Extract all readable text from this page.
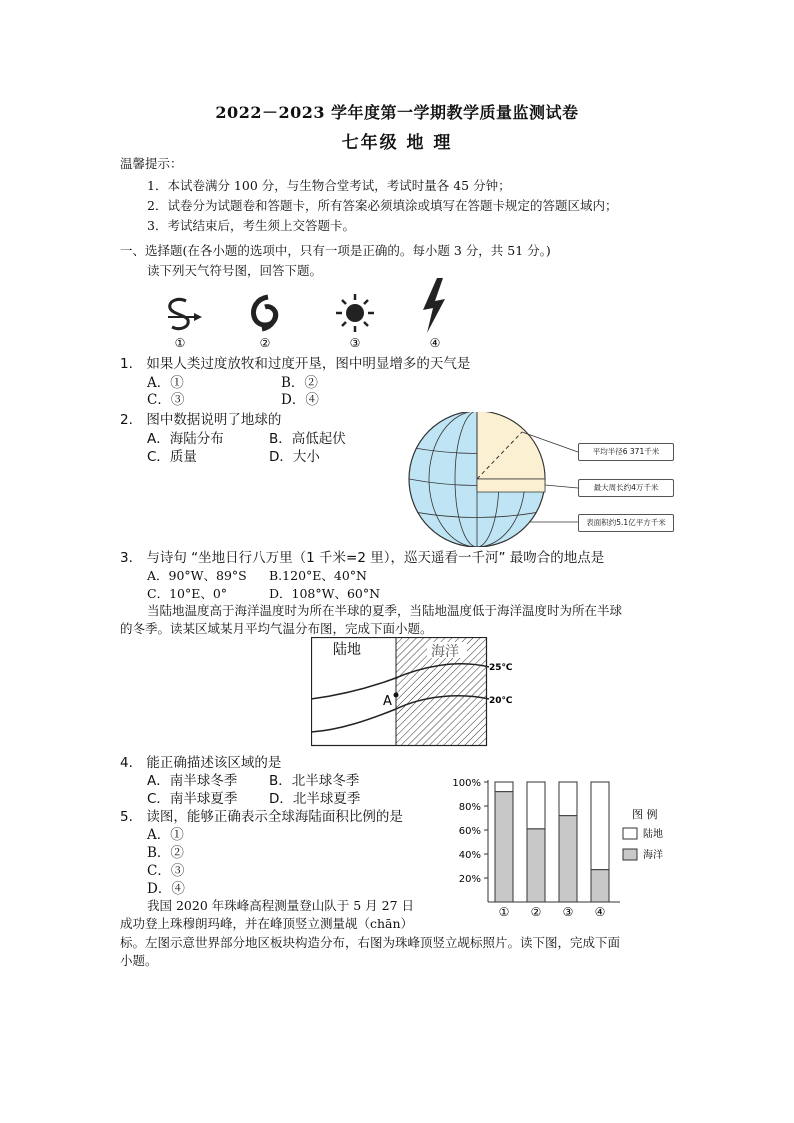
2022－2023 学年度第一学期教学质量监测试卷
七年级 地 理
温馨提示：
1．本试卷满分 100 分，与生物合堂考试，考试时量各 45 分钟；
2．试卷分为试题卷和答题卡，所有答案必须填涂或填写在答题卡规定的答题区域内；
3．考试结束后，考生须上交答题卡。
一、选择题(在各小题的选项中，只有一项是正确的。每小题 3 分，共 51 分。)
读下列天气符号图，回答下题。
①	②	③	④
1.　如果人类过度放牧和过度开垦，图中明显增多的天气是
A．①	B．②
C．③	D．④
2.　图中数据说明了地球的
A．海陆分布	B．高低起伏
C．质量	D．大小	平均半径6 371千米
最大周长约4万千米
表面积约5.1亿平方千米
3.　与诗句 “坐地日行八万里（1 千米=2 里），巡天遥看一千河” 最吻合的地点是
A．90°W、89°S B.120°E、40°N
C．10°E、0°	D．108°W、60°N
当陆地温度高于海洋温度时为所在半球的夏季，当陆地温度低于海洋温度时为所在半球
的冬季。读某区域某月平均气温分布图，完成下面小题。
陆地	海洋
A
25℃
20℃
4.　能正确描述该区域的是
A．南半球冬季 B．北半球冬季
C．南半球夏季 D．北半球夏季
5.　读图，能够正确表示全球海陆面积比例的是
A．①
B．②
C．③
D．④
20%
40%
60%
80%
100%
① ② ③ ④
图 例
陆地
海洋
我国 2020 年珠峰高程测量登山队于 5 月 27 日
成功登上珠穆朗玛峰，并在峰顶竖立测量觇（chān）
标。左图示意世界部分地区板块构造分布，右图为珠峰顶竖立觇标照片。读下图，完成下面
小题。
